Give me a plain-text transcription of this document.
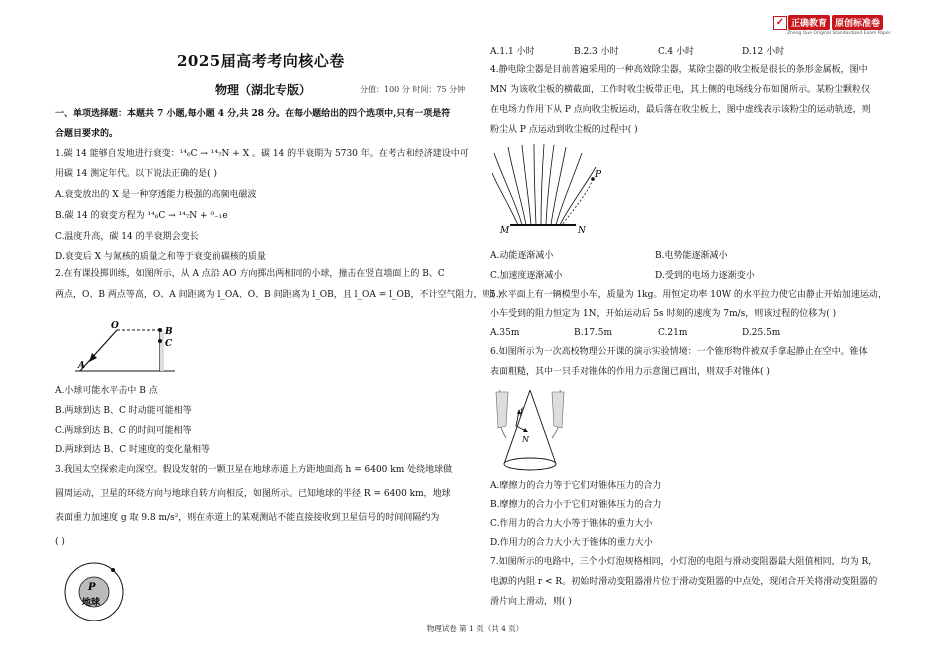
✓ 正确教育 原创标准卷
Zheng Que Original Standardized Exam Paper
2025届高考考向核心卷
物理（湖北专版）	分值：100 分 时间：75 分钟
一、单项选择题：本题共 7 小题,每小题 4 分,共 28 分。在每小题给出的四个选项中,只有一项是符
合题目要求的。
1.碳 14 能够自发地进行衰变：¹⁴₆C → ¹⁴₇N + X 。碳 14 的半衰期为 5730 年。在考古和经济建设中可
用碳 14 测定年代。以下说法正确的是( )
A.衰变放出的 X 是一种穿透能力极强的高频电磁波
B.碳 14 的衰变方程为 ¹⁴₆C → ¹⁴₇N + ⁰₋₁e
C.温度升高，碳 14 的半衰期会变长
D.衰变后 X 与氮核的质量之和等于衰变前碳核的质量
2.在有课投掷训练，如图所示，从 A 点沿 AO 方向掷出两相同的小球，撞击在竖直墙面上的 B、C
两点，O、B 两点等高，O、A 间距离为 l_OA、O、B 间距离为 l_OB，且 l_OA = l_OB，不计空气阻力，则( )
O
A
B
C
A.小球可能水平击中 B 点
B.两球到达 B、C 时动能可能相等
C.两球到达 B、C 的时间可能相等
D.两球到达 B、C 时速度的变化量相等
3.我国太空探索走向深空。假设发射的一颗卫星在地球赤道上方距地面高 h = 6400 km 处绕地球做
圆周运动，卫星的环绕方向与地球自转方向相反，如图所示。已知地球的半径 R = 6400 km，地球
表面重力加速度 g 取 9.8 m/s²，则在赤道上的某观测站不能直接接收到卫星信号的时间间隔约为
( )
P
地球
A.1.1 小时	B.2.3 小时	C.4 小时	D.12 小时
4.静电除尘器是目前普遍采用的一种高效除尘器，某除尘器的收尘板是很长的条形金属板，图中
MN 为该收尘板的横截面，工作时收尘板带正电，其上侧的电场线分布如图所示。某粉尘颗粒仅
在电场力作用下从 P 点向收尘板运动，最后落在收尘板上，图中虚线表示该粉尘的运动轨迹，则
粉尘从 P 点运动到收尘板的过程中( )
M	N
P
A.动能逐渐减小	B.电势能逐渐减小
C.加速度逐渐减小	D.受到的电场力逐渐变小
5.水平面上有一辆模型小车，质量为 1kg。用恒定功率 10W 的水平拉力使它由静止开始加速运动，
小车受到的阻力恒定为 1N，开始运动后 5s 时刻的速度为 7m/s，则该过程的位移为( )
A.35m	B.17.5m	C.21m	D.25.5m
6.如图所示为一次高校物理公开课的演示实验情境：一个锥形物件被双手拿起静止在空中。锥体
表面粗糙，其中一只手对锥体的作用力示意图已画出，则双手对锥体( )
f
N
A.摩擦力的合力等于它们对锥体压力的合力
B.摩擦力的合力小于它们对锥体压力的合力
C.作用力的合力大小等于锥体的重力大小
D.作用力的合力大小大于锥体的重力大小
7.如图所示的电路中，三个小灯泡规格相同，小灯泡的电阻与滑动变阻器最大阻值相同，均为 R，
电源的内阻 r < R。初始时滑动变阻器滑片位于滑动变阻器的中点处，现闭合开关将滑动变阻器的
滑片向上滑动，则( )
物理试卷 第 1 页（共 4 页）
